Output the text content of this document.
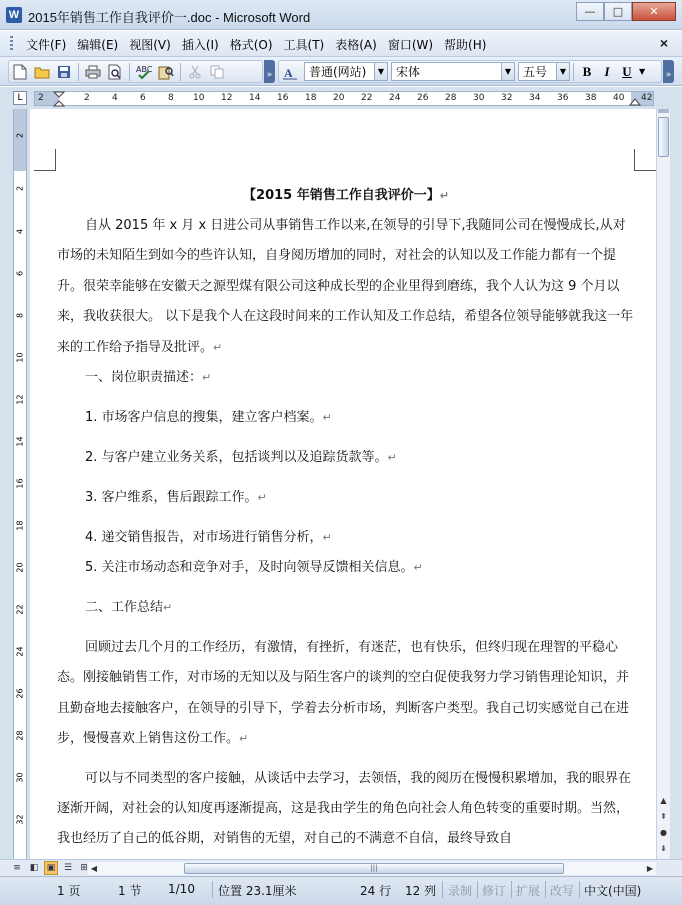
W 2015年销售工作自我评价一.doc - Microsoft Word	—	□	✕
文件(F) 编辑(E) 视图(V) 插入(I) 格式(O) 工具(T) 表格(A) 窗口(W) 帮助(H)	×
ABC
» A 普通(网站)	▼ 宋体	▼ 五号	▼	B	I U ▼	»
L	2	2 4 6 8 10 12 14 16 18 20 22 24 26 28 30 32 34 36 38 40 42
2
2
4
6
8
10
12
14
16
18
20
22
24
26
28
30
32
【2015 年销售工作自我评价一】↵
自从 2015 年 x 月 x 日进公司从事销售工作以来,在领导的引导下,我随同公司在慢慢成长,从对市场的未知陌生到如今的些许认知，自身阅历增加的同时，对社会的认知以及工作能力都有一个提升。很荣幸能够在安徽天之源型煤有限公司这种成长型的企业里得到磨练，我个人认为这 9 个月以来，我收获很大。 以下是我个人在这段时间来的工作认知及工作总结，希望各位领导能够就我这一年来的工作给予指导及批评。↵
一、岗位职责描述：↵
1. 市场客户信息的搜集，建立客户档案。↵
2. 与客户建立业务关系，包括谈判以及追踪货款等。↵
3. 客户维系，售后跟踪工作。↵
4. 递交销售报告，对市场进行销售分析，↵
5. 关注市场动态和竞争对手，及时向领导反馈相关信息。↵
二、工作总结↵
回顾过去几个月的工作经历，有激情，有挫折，有迷茫，也有快乐，但终归现在理智的平稳心态。刚接触销售工作，对市场的无知以及与陌生客户的谈判的空白促使我努力学习销售理论知识，并且勤奋地去接触客户，在领导的引导下，学着去分析市场，判断客户类型。我自己切实感觉自己在进步，慢慢喜欢上销售这份工作。↵
可以与不同类型的客户接触，从谈话中去学习，去领悟，我的阅历在慢慢积累增加，我的眼界在逐渐开阔，对社会的认知度再逐渐提高，这是我由学生的角色向社会人角色转变的重要时期。当然，我也经历了自己的低谷期，对销售的无望，对自己的不满意不自信，最终导致自
▲
⇞
●
⇟
≡ ◧ ▣ ☰ ⊞ ◀	|||	▶
1 页	1 节 1/10 位置 23.1厘米	24 行 12 列 录制 修订 扩展 改写 中文(中国)
